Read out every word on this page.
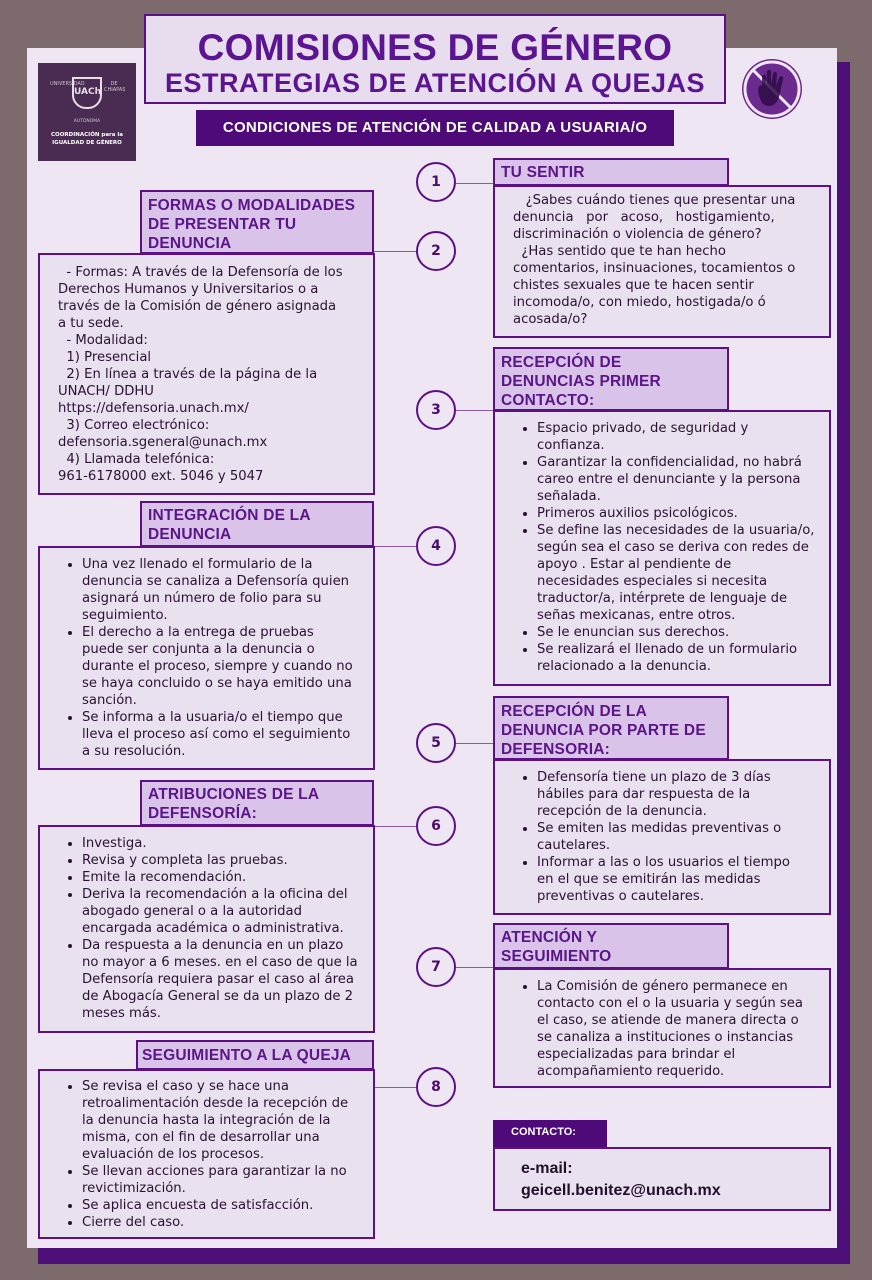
COMISIONES DE GÉNERO
ESTRATEGIAS DE ATENCIÓN A QUEJAS
CONDICIONES DE ATENCIÓN DE CALIDAD A USUARIA/O
UNIVERSIDAD
UACh
DE CHIAPAS
AUTÓNOMA
COORDINACIÓN para la
IGUALDAD DE GÉNERO
1
2
3
4
5
6
7
8
TU SENTIR
¿Sabes cuándo tienes que presentar una
denuncia   por   acoso,   hostigamiento,
discriminación o violencia de género?
¿Has sentido que te han hecho
comentarios, insinuaciones, tocamientos o
chistes sexuales que te hacen sentir
incomoda/o, con miedo, hostigada/o ó
acosada/o?
FORMAS O MODALIDADES
DE PRESENTAR TU
DENUNCIA
- Formas: A través de la Defensoría de los
Derechos Humanos y Universitarios o a
través de la Comisión de género asignada
a tu sede.
- Modalidad:
1) Presencial
2) En línea a través de la página de la
UNACH/ DDHU
https://defensoria.unach.mx/
3) Correo electrónico:
defensoria.sgeneral@unach.mx
4) Llamada telefónica:
961-6178000 ext. 5046 y 5047
RECEPCIÓN DE
DENUNCIAS PRIMER
CONTACTO:
• Espacio privado, de seguridad y confianza.
• Garantizar la confidencialidad, no habrá careo entre el denunciante y la persona señalada.
• Primeros auxilios psicológicos.
• Se define las necesidades de la usuaria/o, según sea el caso se deriva con redes de apoyo . Estar al pendiente de necesidades especiales si necesita traductor/a, intérprete de lenguaje de señas mexicanas, entre otros.
• Se le enuncian sus derechos.
• Se realizará el llenado de un formulario relacionado a la denuncia.
INTEGRACIÓN DE LA
DENUNCIA
• Una vez llenado el formulario de la denuncia se canaliza a Defensoría quien asignará un número de folio para su seguimiento.
• El derecho a la entrega de pruebas puede ser conjunta a la denuncia o durante el proceso, siempre y cuando no se haya concluido o se haya emitido una sanción.
• Se informa a la usuaria/o el tiempo que lleva el proceso así como el seguimiento a su resolución.
RECEPCIÓN DE LA
DENUNCIA POR PARTE DE
DEFENSORIA:
• Defensoría tiene un plazo de 3 días hábiles para dar respuesta de la recepción de la denuncia.
• Se emiten las medidas preventivas o cautelares.
• Informar a las o los usuarios el tiempo en el que se emitirán las medidas preventivas o cautelares.
ATRIBUCIONES DE LA
DEFENSORÍA:
• Investiga.
• Revisa y completa las pruebas.
• Emite la recomendación.
• Deriva la recomendación a la oficina del abogado general o a la autoridad encargada académica o administrativa.
• Da respuesta a la denuncia en un plazo no mayor a 6 meses. en el caso de que la Defensoría requiera pasar el caso al área de Abogacía General se da un plazo de 2 meses más.
ATENCIÓN Y
SEGUIMIENTO
• La Comisión de género permanece en contacto con el o la usuaria y según sea el caso, se atiende de manera directa o se canaliza a instituciones o instancias especializadas para brindar el acompañamiento requerido.
SEGUIMIENTO A LA QUEJA
• Se revisa el caso y se hace una retroalimentación desde la recepción de la denuncia hasta la integración de la misma, con el fin de desarrollar una evaluación de los procesos.
• Se llevan acciones para garantizar la no revictimización.
• Se aplica encuesta de satisfacción.
• Cierre del caso.
CONTACTO:
e-mail:
geicell.benitez@unach.mx
